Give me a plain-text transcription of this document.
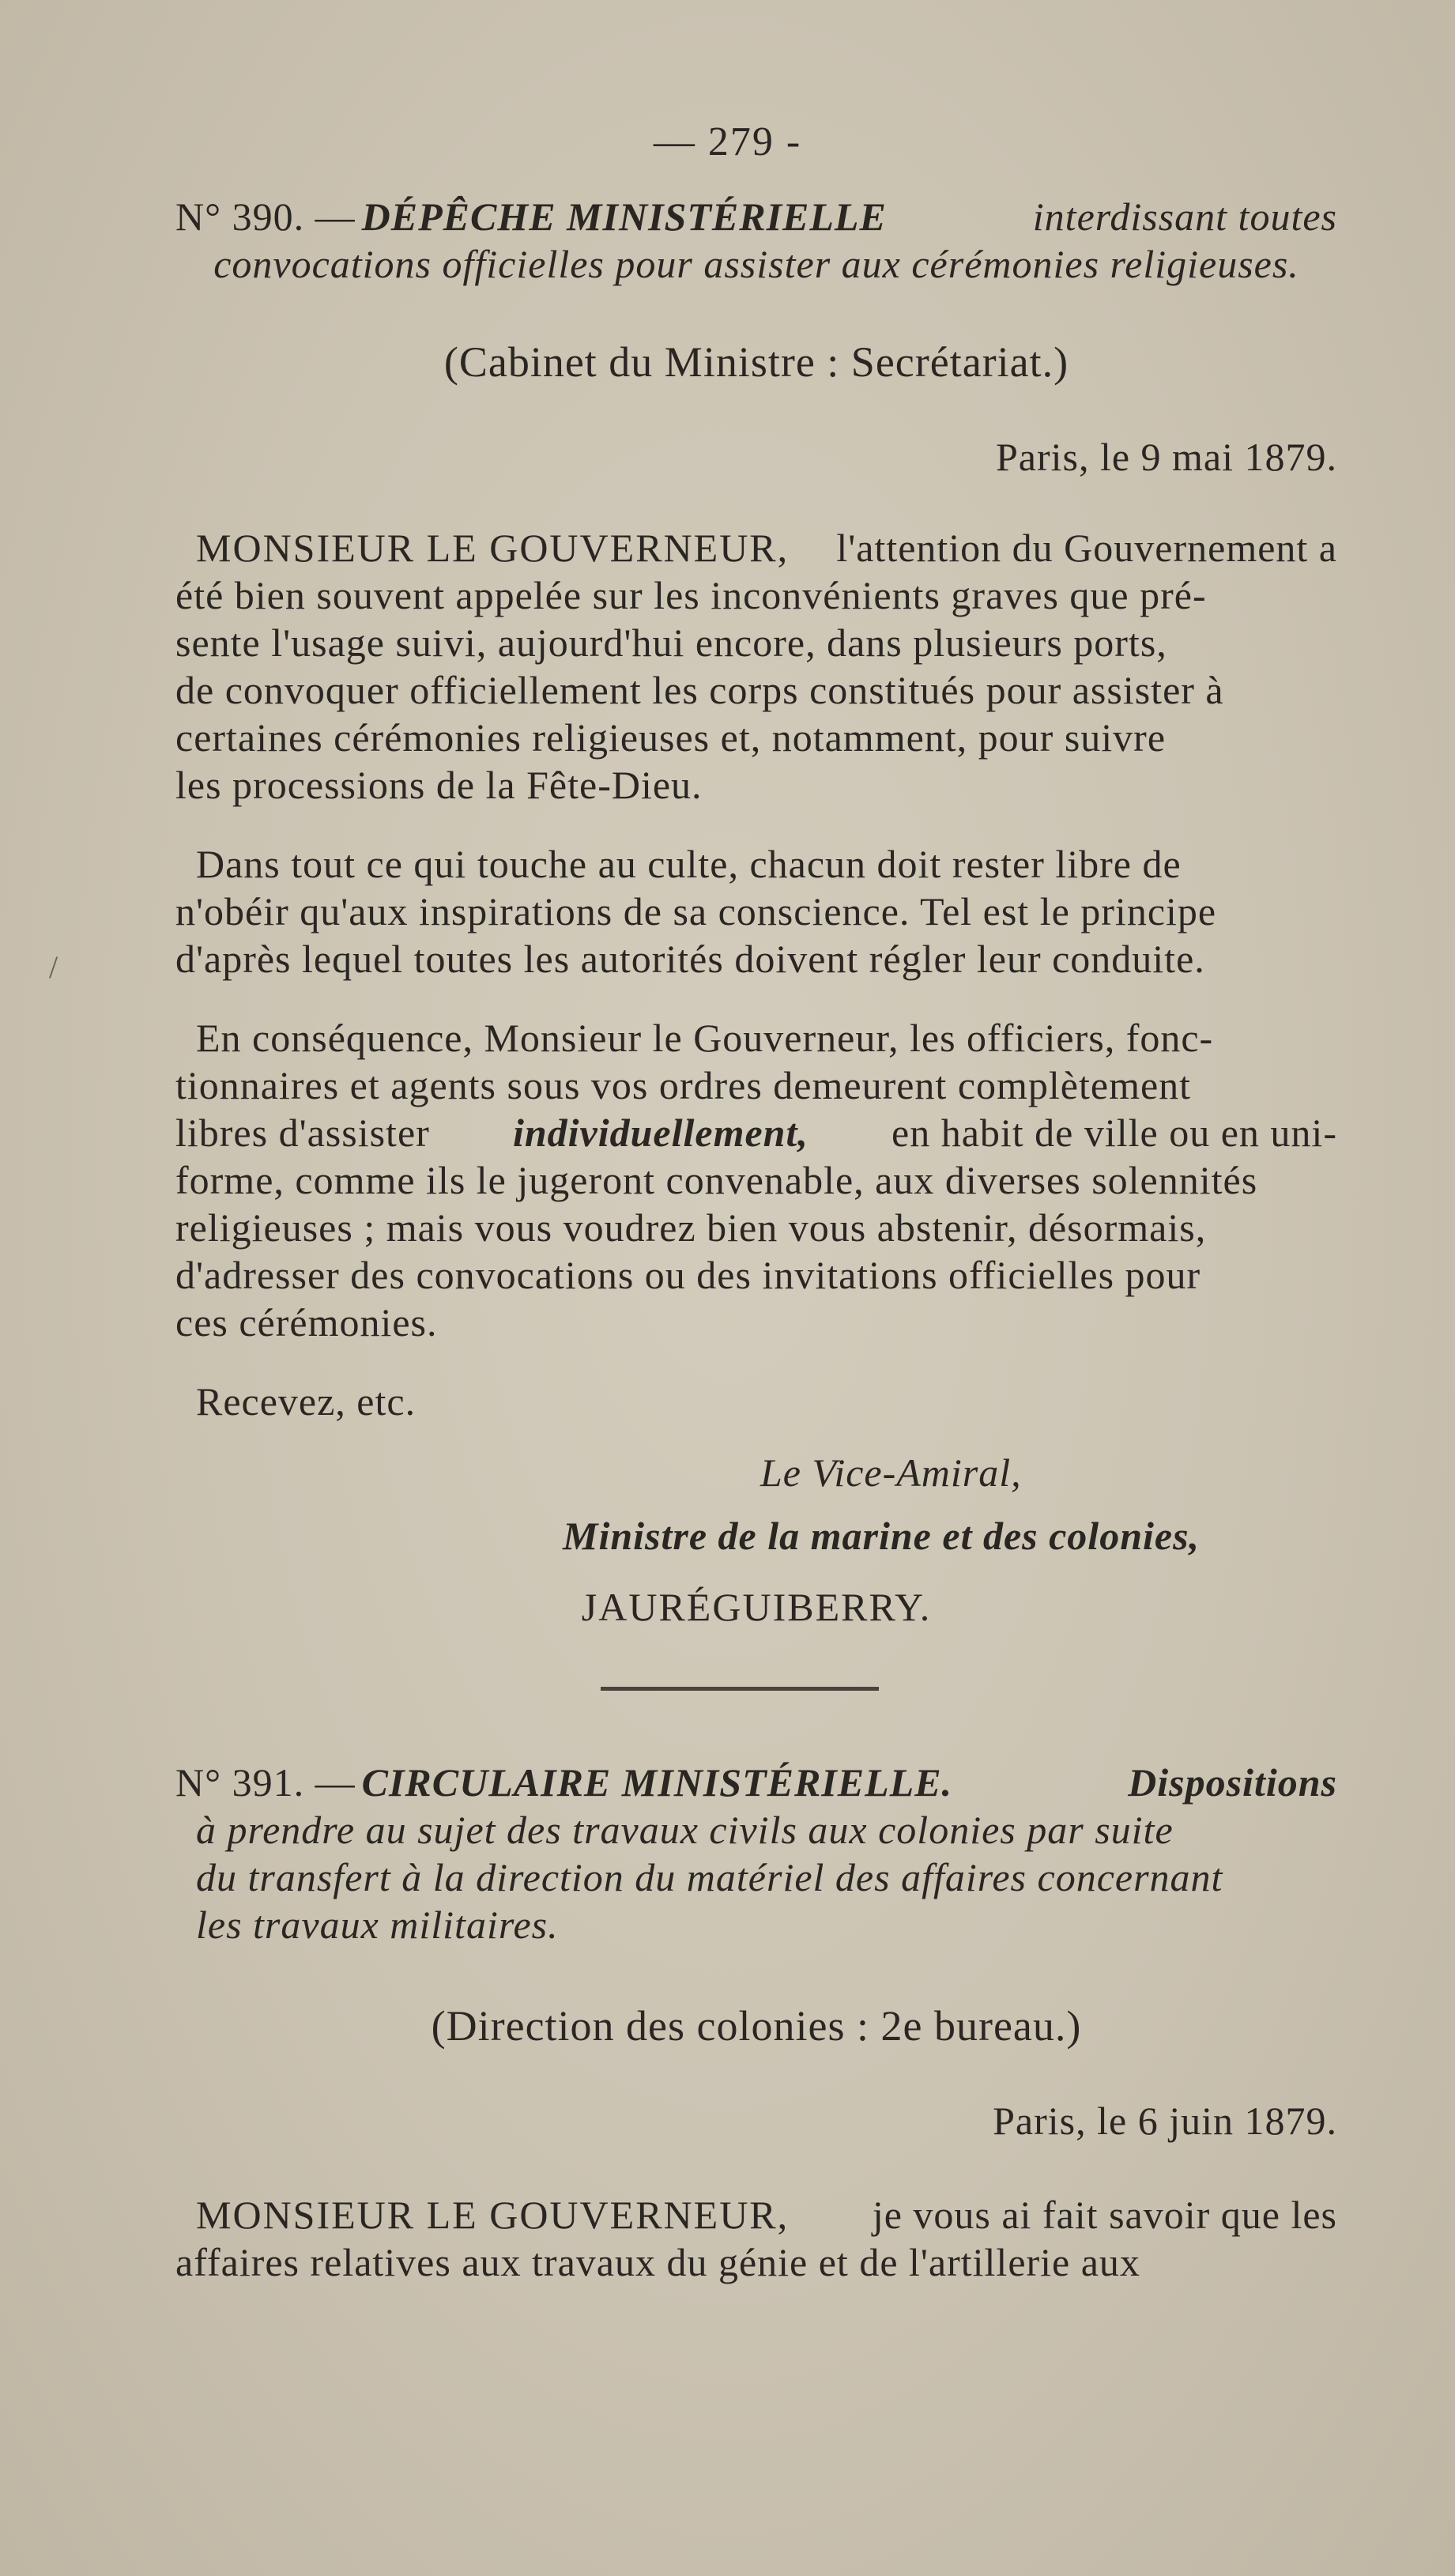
— 279 -
N° 390. — DÉPÊCHE MINISTÉRIELLE	interdissant toutes
convocations officielles pour assister aux cérémonies religieuses.
(Cabinet du Ministre : Secrétariat.)
Paris, le 9 mai 1879.
MONSIEUR LE GOUVERNEUR, l'attention du Gouvernement a
été bien souvent appelée sur les inconvénients graves que pré-
sente l'usage suivi, aujourd'hui encore, dans plusieurs ports,
de convoquer officiellement les corps constitués pour assister à
certaines cérémonies religieuses et, notamment, pour suivre
les processions de la Fête-Dieu.
Dans tout ce qui touche au culte, chacun doit rester libre de
n'obéir qu'aux inspirations de sa conscience. Tel est le principe
d'après lequel toutes les autorités doivent régler leur conduite.
En conséquence, Monsieur le Gouverneur, les officiers, fonc-
tionnaires et agents sous vos ordres demeurent complètement
libres d'assister individuellement, en habit de ville ou en uni-
forme, comme ils le jugeront convenable, aux diverses solennités
religieuses ; mais vous voudrez bien vous abstenir, désormais,
d'adresser des convocations ou des invitations officielles pour
ces cérémonies.
Recevez, etc.
Le Vice-Amiral,
Ministre de la marine et des colonies,
JAURÉGUIBERRY.
N° 391. — CIRCULAIRE MINISTÉRIELLE.	Dispositions
à prendre au sujet des travaux civils aux colonies par suite
du transfert à la direction du matériel des affaires concernant
les travaux militaires.
(Direction des colonies : 2e bureau.)
Paris, le 6 juin 1879.
MONSIEUR LE GOUVERNEUR, je vous ai fait savoir que les
affaires relatives aux travaux du génie et de l'artillerie aux
/
